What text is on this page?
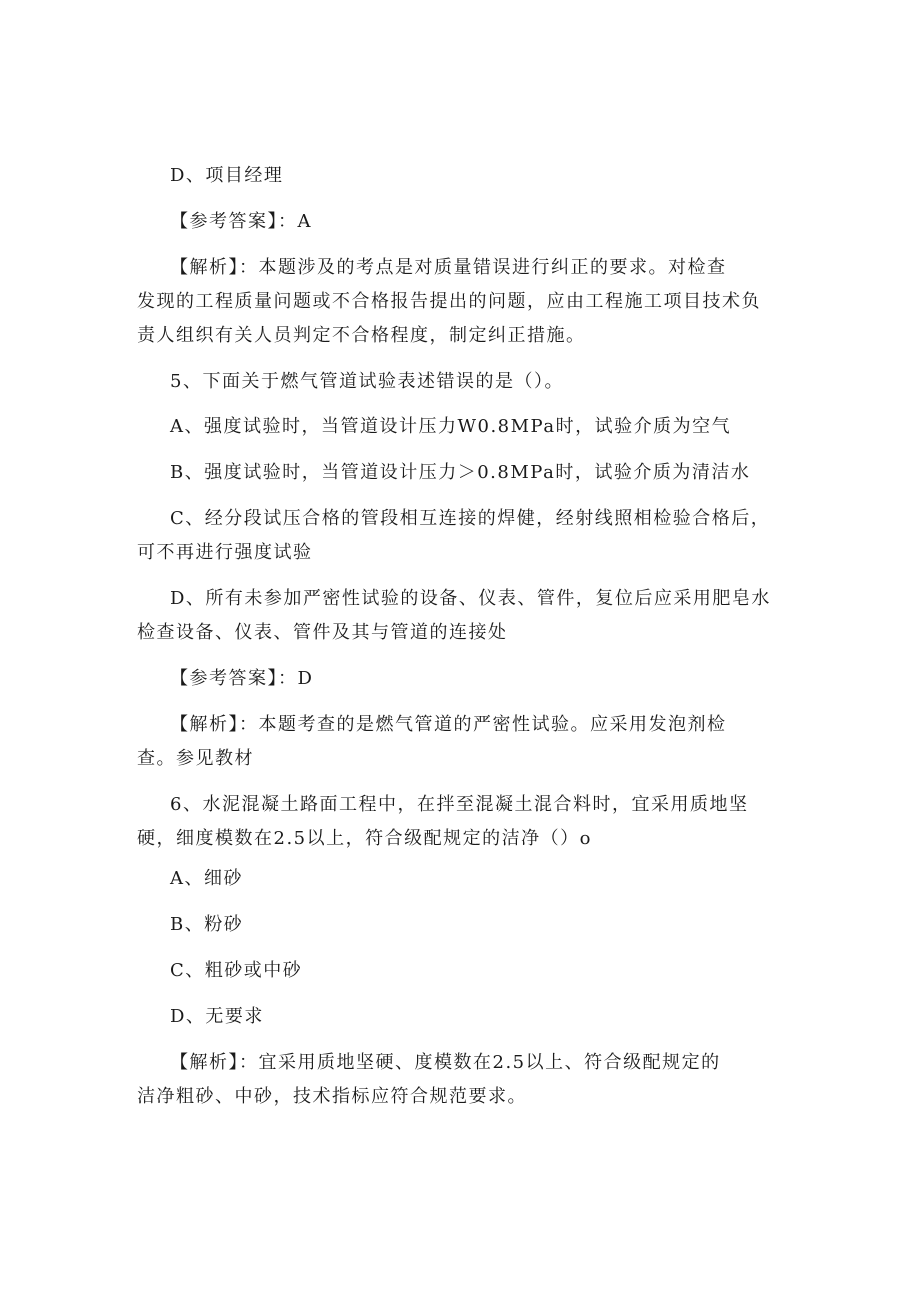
D、项目经理
【参考答案】：A
【解析】：本题涉及的考点是对质量错误进行纠正的要求。对检查
发现的工程质量问题或不合格报告提出的问题，应由工程施工项目技术负
责人组织有关人员判定不合格程度，制定纠正措施。
5、下面关于燃气管道试验表述错误的是（）。
A、强度试验时，当管道设计压力W0.8MPa时，试验介质为空气
B、强度试验时，当管道设计压力＞0.8MPa时，试验介质为清洁水
C、经分段试压合格的管段相互连接的焊健，经射线照相检验合格后，
可不再进行强度试验
D、所有未参加严密性试验的设备、仪表、管件，复位后应采用肥皂水
检查设备、仪表、管件及其与管道的连接处
【参考答案】：D
【解析】：本题考查的是燃气管道的严密性试验。应采用发泡剂检
查。参见教材
6、水泥混凝土路面工程中，在拌至混凝土混合料时，宜采用质地坚
硬，细度模数在2.5以上，符合级配规定的洁净（）o
A、细砂
B、粉砂
C、粗砂或中砂
D、无要求
【解析】：宜采用质地坚硬、度模数在2.5以上、符合级配规定的
洁净粗砂、中砂，技术指标应符合规范要求。
